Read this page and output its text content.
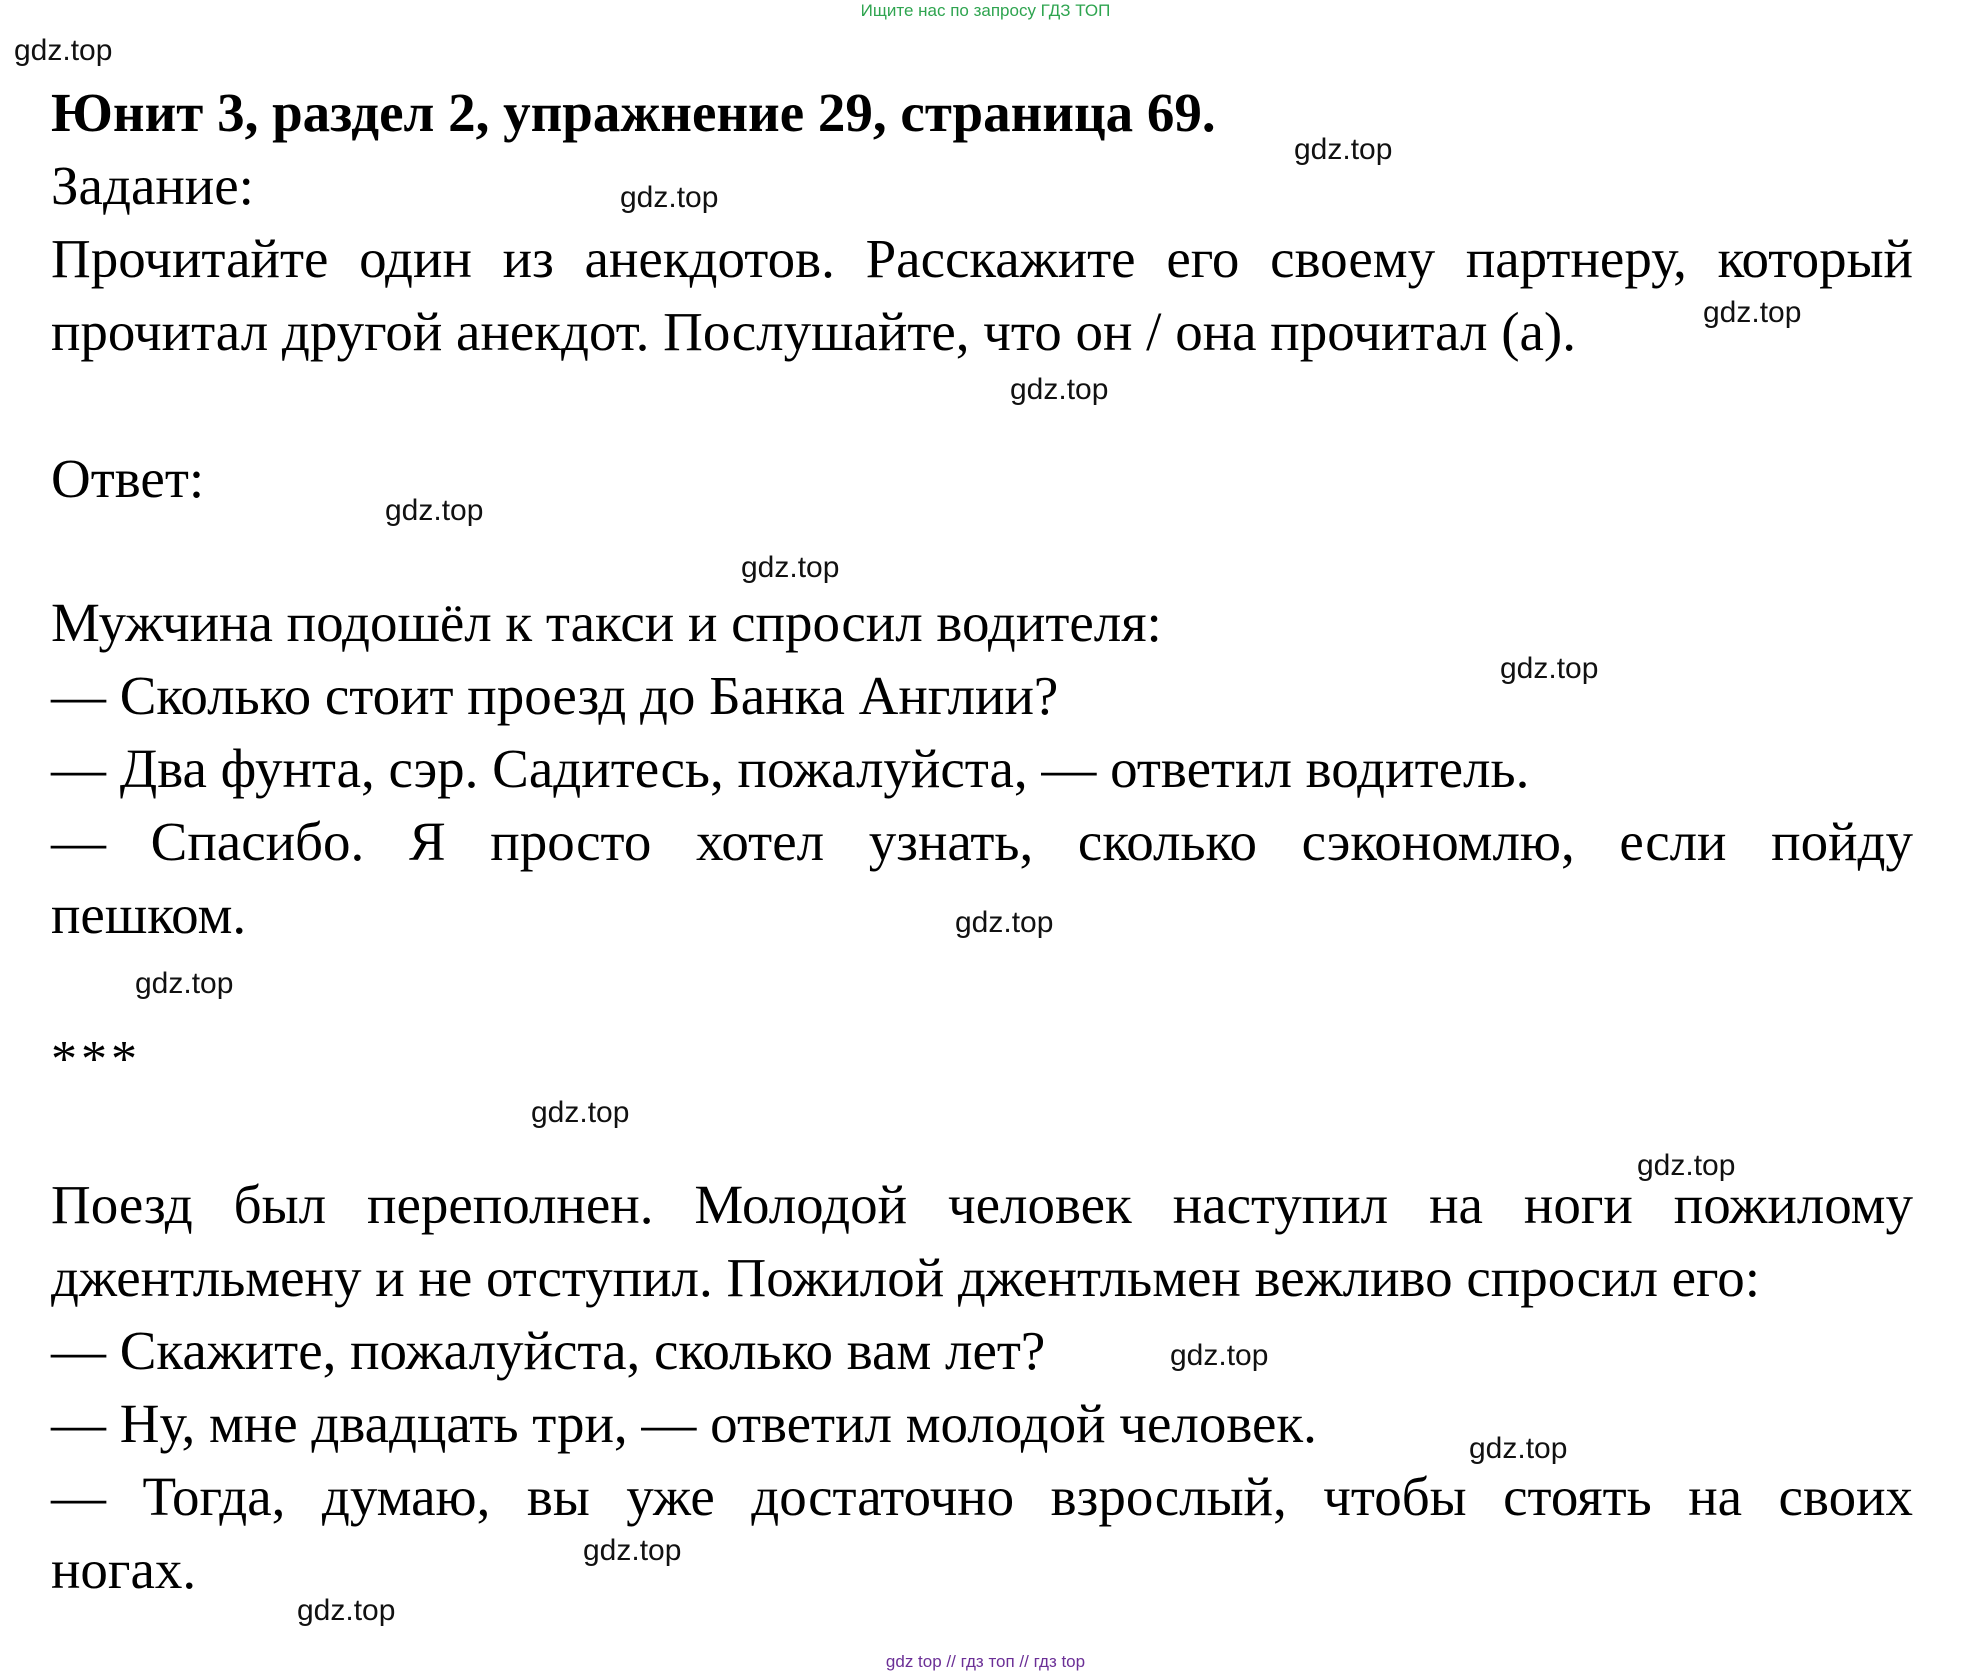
Ищите нас по запросу ГДЗ ТОП
Юнит 3, раздел 2, упражнение 29, страница 69.
Задание:
Прочитайте один из анекдотов. Расскажите его своему партнеру, который
прочитал другой анекдот. Послушайте, что он / она прочитал (а).
Ответ:
Мужчина подошёл к такси и спросил водителя:
— Сколько стоит проезд до Банка Англии?
— Два фунта, сэр. Садитесь, пожалуйста, — ответил водитель.
— Спасибо. Я просто хотел узнать, сколько сэкономлю, если пойду
пешком.
***
Поезд был переполнен. Молодой человек наступил на ноги пожилому
джентльмену и не отступил. Пожилой джентльмен вежливо спросил его:
— Скажите, пожалуйста, сколько вам лет?
— Ну, мне двадцать три, — ответил молодой человек.
— Тогда, думаю, вы уже достаточно взрослый, чтобы стоять на своих
ногах.
gdz.top
gdz.top
gdz.top
gdz.top
gdz.top
gdz.top
gdz.top
gdz.top
gdz.top
gdz.top
gdz.top
gdz.top
gdz.top
gdz.top
gdz.top
gdz.top
gdz top // гдз топ // гдз top
